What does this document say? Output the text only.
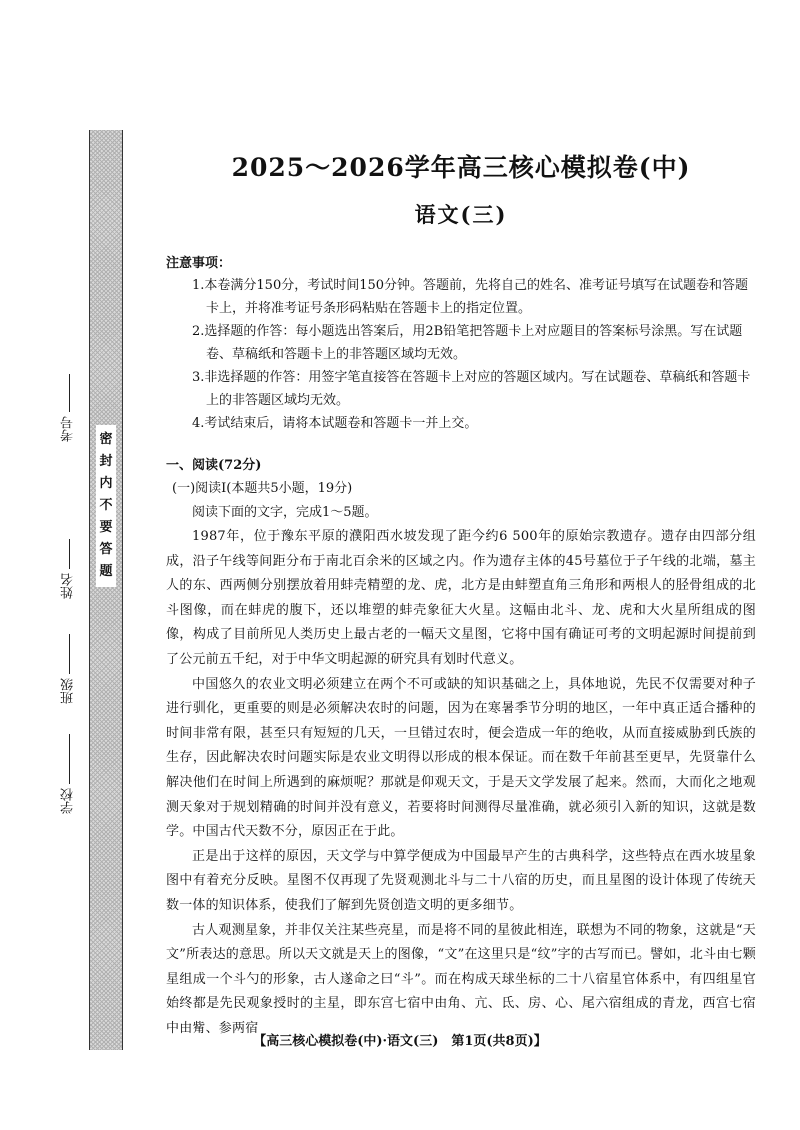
密
封
内
不
要
答
题
考号
姓名
班级
学校
2025～2026学年高三核心模拟卷(中)
语文(三)
注意事项：
1.本卷满分150分，考试时间150分钟。答题前，先将自己的姓名、准考证号填写在试题卷和答题卡上，并将准考证号条形码粘贴在答题卡上的指定位置。
2.选择题的作答：每小题选出答案后，用2B铅笔把答题卡上对应题目的答案标号涂黑。写在试题卷、草稿纸和答题卡上的非答题区域均无效。
3.非选择题的作答：用签字笔直接答在答题卡上对应的答题区域内。写在试题卷、草稿纸和答题卡上的非答题区域均无效。
4.考试结束后，请将本试题卷和答题卡一并上交。
一、阅读(72分)
(一)阅读Ⅰ(本题共5小题，19分)
阅读下面的文字，完成1～5题。

1987年，位于豫东平原的濮阳西水坡发现了距今约6 500年的原始宗教遗存。遗存由四部分组成，沿子午线等间距分布于南北百余米的区域之内。作为遗存主体的45号墓位于子午线的北端，墓主人的东、西两侧分别摆放着用蚌壳精塑的龙、虎，北方是由蚌塑直角三角形和两根人的胫骨组成的北斗图像，而在蚌虎的腹下，还以堆塑的蚌壳象征大火星。这幅由北斗、龙、虎和大火星所组成的图像，构成了目前所见人类历史上最古老的一幅天文星图，它将中国有确证可考的文明起源时间提前到了公元前五千纪，对于中华文明起源的研究具有划时代意义。

中国悠久的农业文明必须建立在两个不可或缺的知识基础之上，具体地说，先民不仅需要对种子进行驯化，更重要的则是必须解决农时的问题，因为在寒暑季节分明的地区，一年中真正适合播种的时间非常有限，甚至只有短短的几天，一旦错过农时，便会造成一年的绝收，从而直接威胁到氏族的生存，因此解决农时问题实际是农业文明得以形成的根本保证。而在数千年前甚至更早，先贤靠什么解决他们在时间上所遇到的麻烦呢？那就是仰观天文，于是天文学发展了起来。然而，大而化之地观测天象对于规划精确的时间并没有意义，若要将时间测得尽量准确，就必须引入新的知识，这就是数学。中国古代天数不分，原因正在于此。

正是出于这样的原因，天文学与中算学便成为中国最早产生的古典科学，这些特点在西水坡星象图中有着充分反映。星图不仅再现了先贤观测北斗与二十八宿的历史，而且星图的设计体现了传统天数一体的知识体系，使我们了解到先贤创造文明的更多细节。

古人观测星象，并非仅关注某些亮星，而是将不同的星彼此相连，联想为不同的物象，这就是“天文”所表达的意思。所以天文就是天上的图像，“文”在这里只是“纹”字的古写而已。譬如，北斗由七颗星组成一个斗勺的形象，古人遂命之曰“斗”。而在构成天球坐标的二十八宿星官体系中，有四组星官始终都是先民观象授时的主星，即东宫七宿中由角、亢、氐、房、心、尾六宿组成的青龙，西宫七宿中由觜、参两宿

【高三核心模拟卷(中)·语文(三)　第1页(共8页)】
